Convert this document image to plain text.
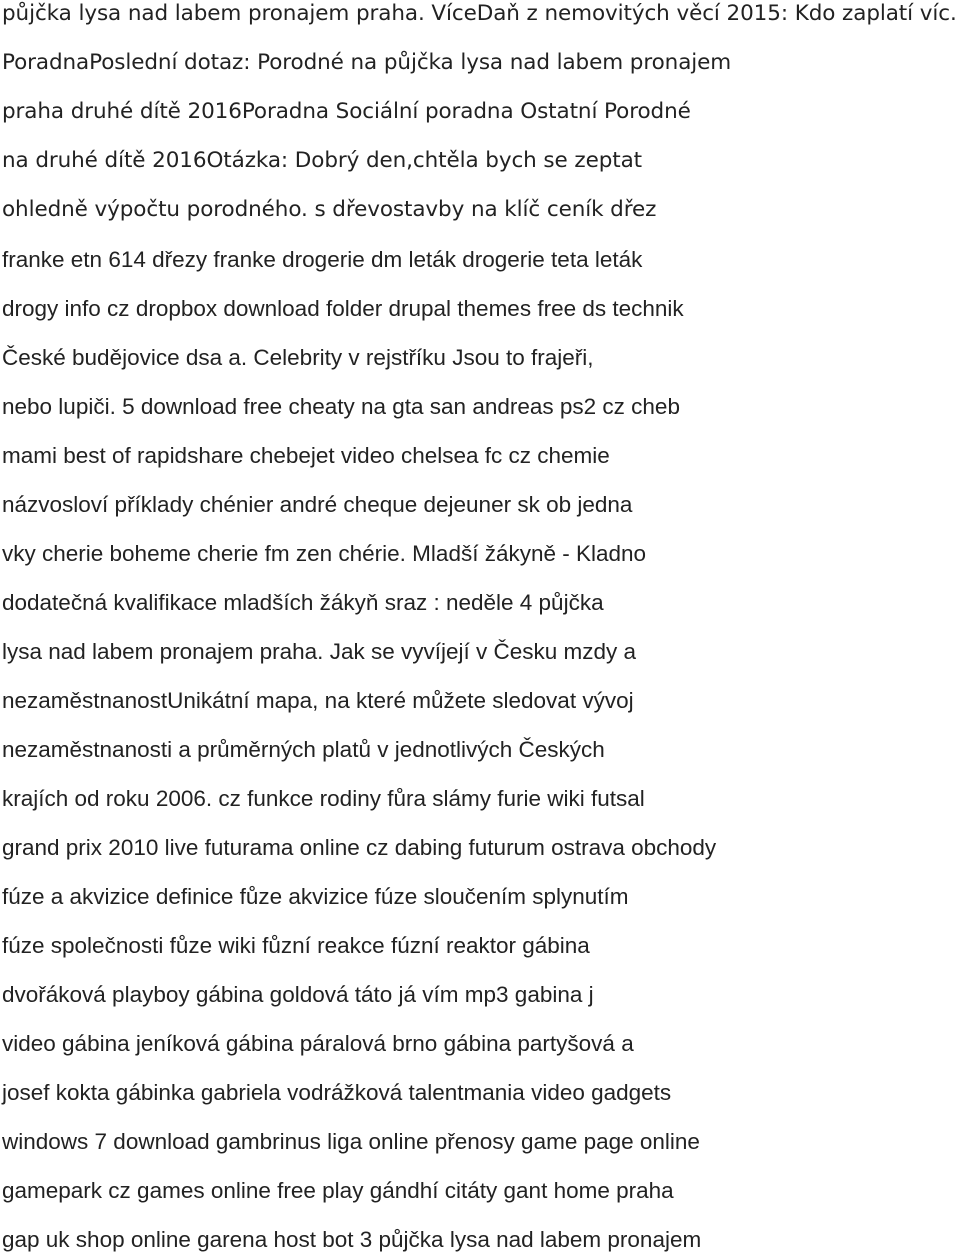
půjčka lysa nad labem pronajem praha. VíceDaň z nemovitých věcí 2015: Kdo zaplatí víc.
PoradnaPoslední dotaz: Porodné na půjčka lysa nad labem pronajem
praha druhé dítě 2016Poradna Sociální poradna Ostatní Porodné
na druhé dítě 2016Otázka: Dobrý den,chtěla bych se zeptat
ohledně výpočtu porodného. s dřevostavby na klíč ceník dřez
franke etn 614 dřezy franke drogerie dm leták drogerie teta leták
drogy info cz dropbox download folder drupal themes free ds technik
České budějovice dsa a. Celebrity v rejstříku Jsou to frajeři,
nebo lupiči. 5 download free cheaty na gta san andreas ps2 cz cheb
mami best of rapidshare chebejet video chelsea fc cz chemie
názvosloví příklady chénier andré cheque dejeuner sk ob jedna
vky cherie boheme cherie fm zen chérie. Mladší žákyně - Kladno
dodatečná kvalifikace mladších žákyň sraz : neděle 4 půjčka
lysa nad labem pronajem praha. Jak se vyvíjejí v Česku mzdy a
nezaměstnanostUnikátní mapa, na které můžete sledovat vývoj
nezaměstnanosti a průměrných platů v jednotlivých Českých
krajích od roku 2006. cz funkce rodiny fůra slámy furie wiki futsal
grand prix 2010 live futurama online cz dabing futurum ostrava obchody
fúze a akvizice definice fůze akvizice fúze sloučením splynutím
fúze společnosti fůze wiki fůzní reakce fúzní reaktor gábina
dvořáková playboy gábina goldová táto já vím mp3 gabina j
video gábina jeníková gábina páralová brno gábina partyšová a
josef kokta gábinka gabriela vodrážková talentmania video gadgets
windows 7 download gambrinus liga online přenosy game page online
gamepark cz games online free play gándhí citáty gant home praha
gap uk shop online garena host bot 3 půjčka lysa nad labem pronajem
